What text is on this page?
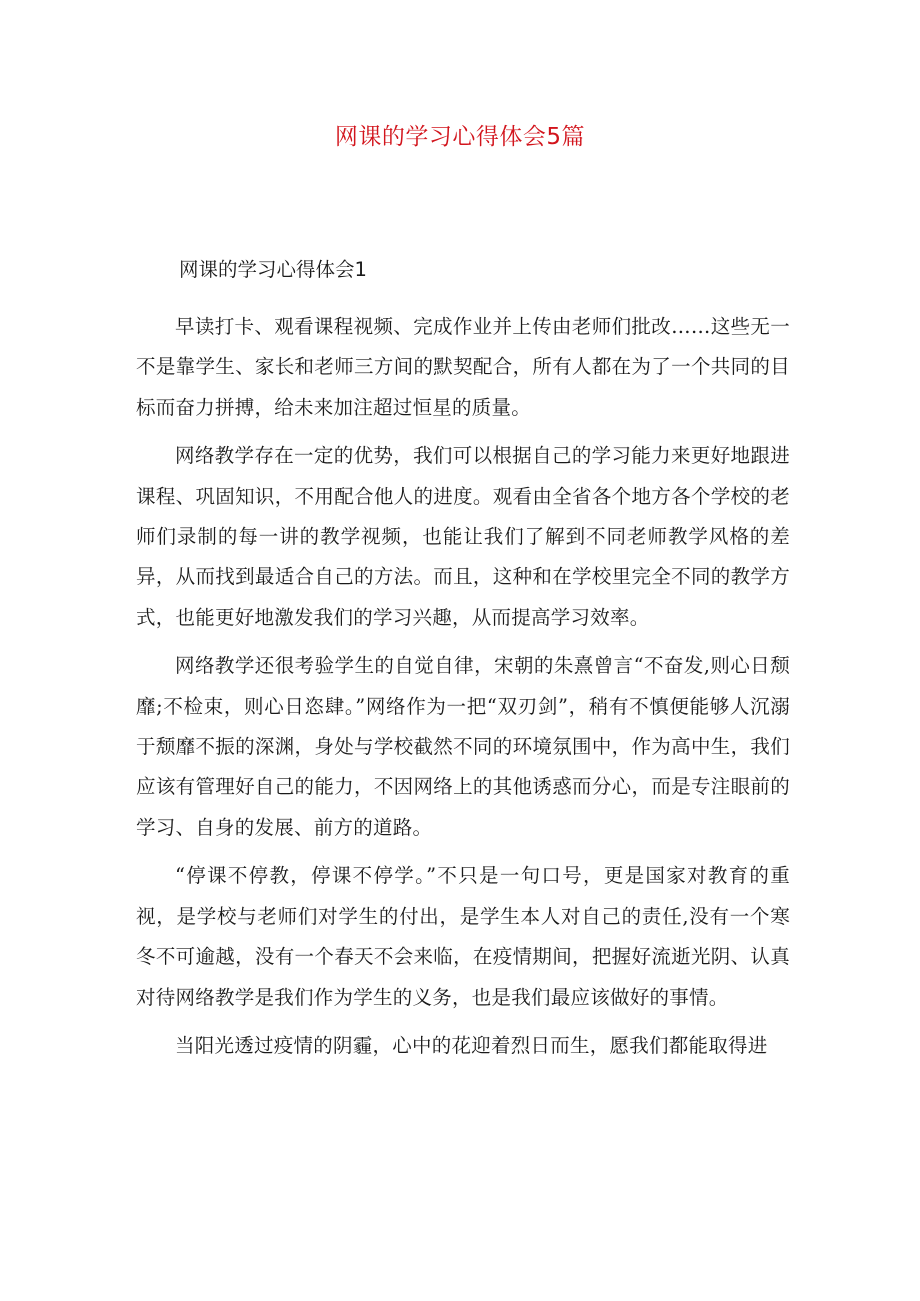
网课的学习心得体会5篇
网课的学习心得体会1

早读打卡、观看课程视频、完成作业并上传由老师们批改……这些无一不是靠学生、家长和老师三方间的默契配合，所有人都在为了一个共同的目标而奋力拼搏，给未来加注超过恒星的质量。

网络教学存在一定的优势，我们可以根据自己的学习能力来更好地跟进课程、巩固知识，不用配合他人的进度。观看由全省各个地方各个学校的老师们录制的每一讲的教学视频，也能让我们了解到不同老师教学风格的差异，从而找到最适合自己的方法。而且，这种和在学校里完全不同的教学方式，也能更好地激发我们的学习兴趣，从而提高学习效率。

网络教学还很考验学生的自觉自律，宋朝的朱熹曾言“不奋发,则心日颓靡;不检束，则心日恣肆。”网络作为一把“双刃剑”，稍有不慎便能够人沉溺于颓靡不振的深渊，身处与学校截然不同的环境氛围中，作为高中生，我们应该有管理好自己的能力，不因网络上的其他诱惑而分心，而是专注眼前的学习、自身的发展、前方的道路。

“停课不停教，停课不停学。”不只是一句口号，更是国家对教育的重视，是学校与老师们对学生的付出，是学生本人对自己的责任,没有一个寒冬不可逾越，没有一个春天不会来临，在疫情期间，把握好流逝光阴、认真对待网络教学是我们作为学生的义务，也是我们最应该做好的事情。

当阳光透过疫情的阴霾，心中的花迎着烈日而生，愿我们都能取得进
